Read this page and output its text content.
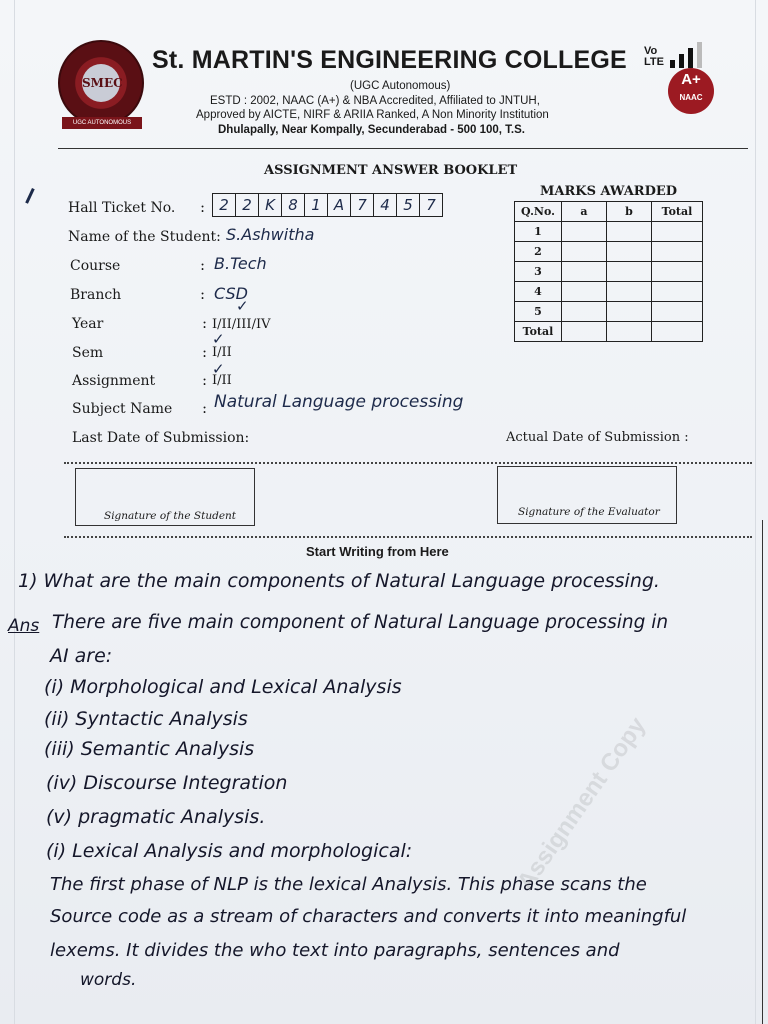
SMEC
UGC AUTONOMOUS
St. MARTIN'S ENGINEERING COLLEGE
(UGC Autonomous)
ESTD : 2002, NAAC (A+) & NBA Accredited, Affiliated to JNTUH,
Approved by AICTE, NIRF & ARIIA Ranked, A Non Minority Institution
Dhulapally, Near Kompally, Secunderabad - 500 100, T.S.
Vo LTE
A+
NAAC
ASSIGNMENT ANSWER BOOKLET
Hall Ticket No. : 2 2 K 8 1 A 7 4 5 7
Name of the Student: S.Ashwitha
Course	: B.Tech
Branch	: CSD
✓
Year	: I/II/III/IV
✓
Sem	: I/II
✓
Assignment	: I/II
Subject Name : Natural Language processing
Last Date of Submission:	Actual Date of Submission :
Signature of the Student	Signature of the Evaluator
MARKS AWARDED
Q.No.	a	b	Total
1			
2			
3			
4			
5			
Total			
Start Writing from Here
1) What are the main components of Natural Language processing.
Ans There are five main component of Natural Language processing in
AI are:
(i) Morphological and Lexical Analysis
(ii) Syntactic Analysis
(iii) Semantic Analysis
(iv) Discourse Integration
(v) pragmatic Analysis.
(i) Lexical Analysis and morphological:
The first phase of NLP is the lexical Analysis. This phase scans the
Source code as a stream of characters and converts it into meaningful
lexems. It divides the who text into paragraphs, sentences and
words.
Assignment Copy
